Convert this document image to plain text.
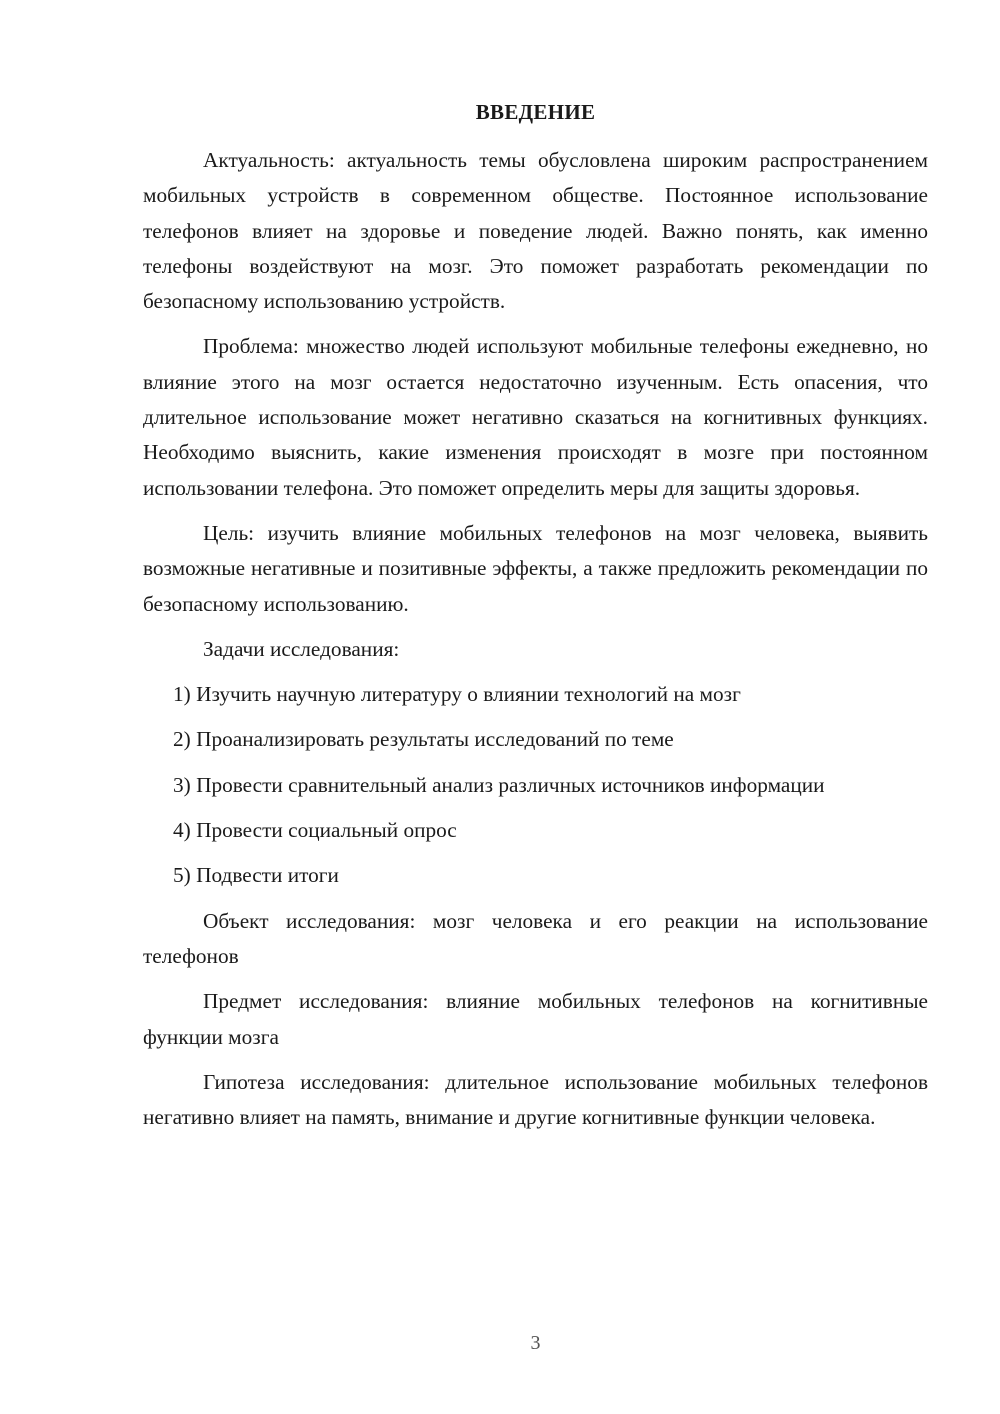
ВВЕДЕНИЕ

Актуальность: актуальность темы обусловлена широким распространением мобильных устройств в современном обществе. Постоянное использование телефонов влияет на здоровье и поведение людей. Важно понять, как именно телефоны воздействуют на мозг. Это поможет разработать рекомендации по безопасному использованию устройств.

Проблема: множество людей используют мобильные телефоны ежедневно, но влияние этого на мозг остается недостаточно изученным. Есть опасения, что длительное использование может негативно сказаться на когнитивных функциях. Необходимо выяснить, какие изменения происходят в мозге при постоянном использовании телефона. Это поможет определить меры для защиты здоровья.

Цель: изучить влияние мобильных телефонов на мозг человека, выявить возможные негативные и позитивные эффекты, а также предложить рекомендации по безопасному использованию.

Задачи исследования:

1) Изучить научную литературу о влиянии технологий на мозг

2) Проанализировать результаты исследований по теме

3) Провести сравнительный анализ различных источников информации

4) Провести социальный опрос

5) Подвести итоги

Объект исследования: мозг человека и его реакции на использование телефонов

Предмет исследования: влияние мобильных телефонов на когнитивные функции мозга

Гипотеза исследования: длительное использование мобильных телефонов негативно влияет на память, внимание и другие когнитивные функции человека.

3
